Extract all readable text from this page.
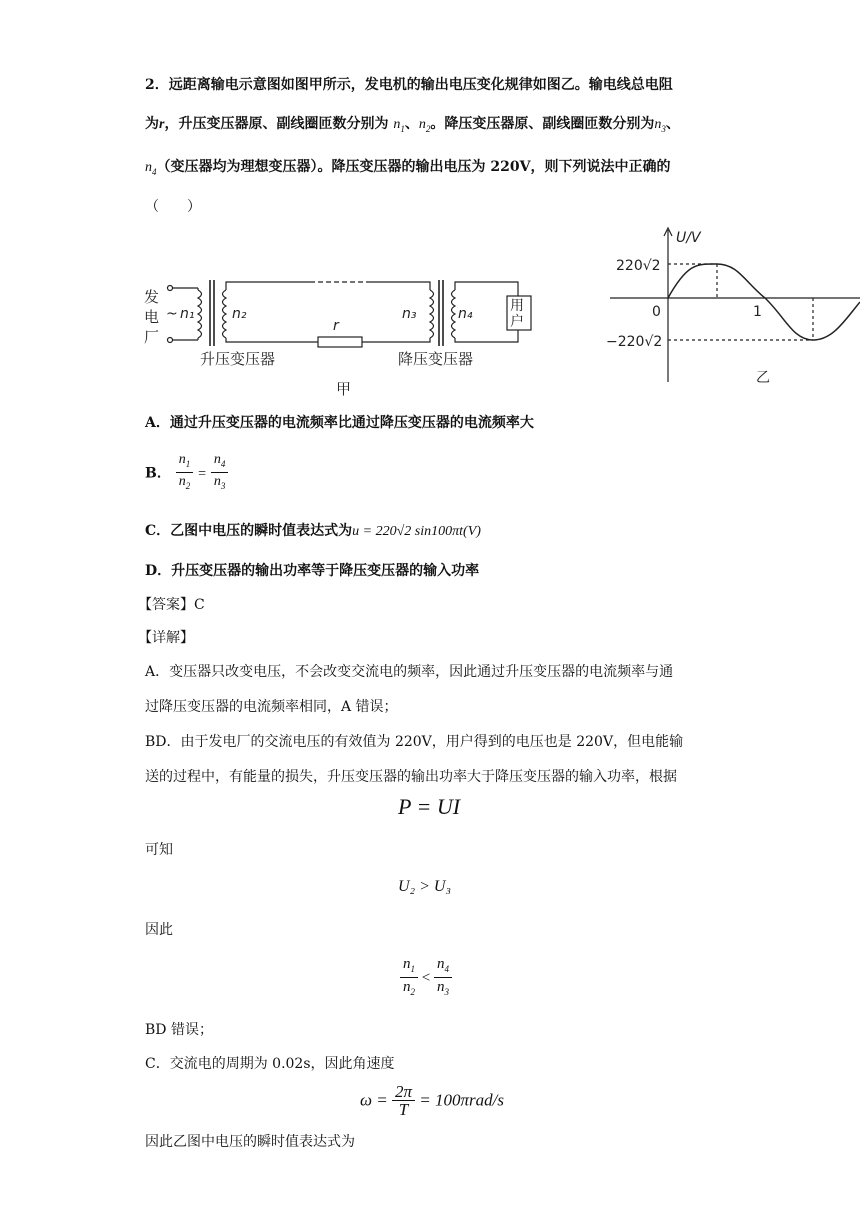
2．远距离输电示意图如图甲所示，发电机的输出电压变化规律如图乙。输电线总电阻
为r，升压变压器原、副线圈匝数分别为 $n_1$、$n_2$。降压变压器原、副线圈匝数分别为$n_3$、
$n_4$（变压器均为理想变压器）。降压变压器的输出电压为 220V，则下列说法中正确的
（　　）
发
电
厂
~ n₁	n₂
r
n₃	n₄	用
户
升压变压器	降压变压器
甲
U/V
220√2
−220√2
0	1
乙
A．通过升压变压器的电流频率比通过降压变压器的电流频率大
B． $\frac{n_1}{n_2} = \frac{n_4}{n_3}$
C．乙图中电压的瞬时值表达式为u = 220√2 sin100πt(V)
D．升压变压器的输出功率等于降压变压器的输入功率
【答案】C
【详解】
A．变压器只改变电压，不会改变交流电的频率，因此通过升压变压器的电流频率与通
过降压变压器的电流频率相同，A 错误；
BD．由于发电厂的交流电压的有效值为 220V，用户得到的电压也是 220V，但电能输
送的过程中，有能量的损失，升压变压器的输出功率大于降压变压器的输入功率，根据
P = UI
可知
U₂ > U₃
因此
$\frac{n_1}{n_2} < \frac{n_4}{n_3}$
BD 错误；
C．交流电的周期为 0.02s，因此角速度
$\omega = \frac{2\pi}{T} = 100\pi rad/s$
因此乙图中电压的瞬时值表达式为
